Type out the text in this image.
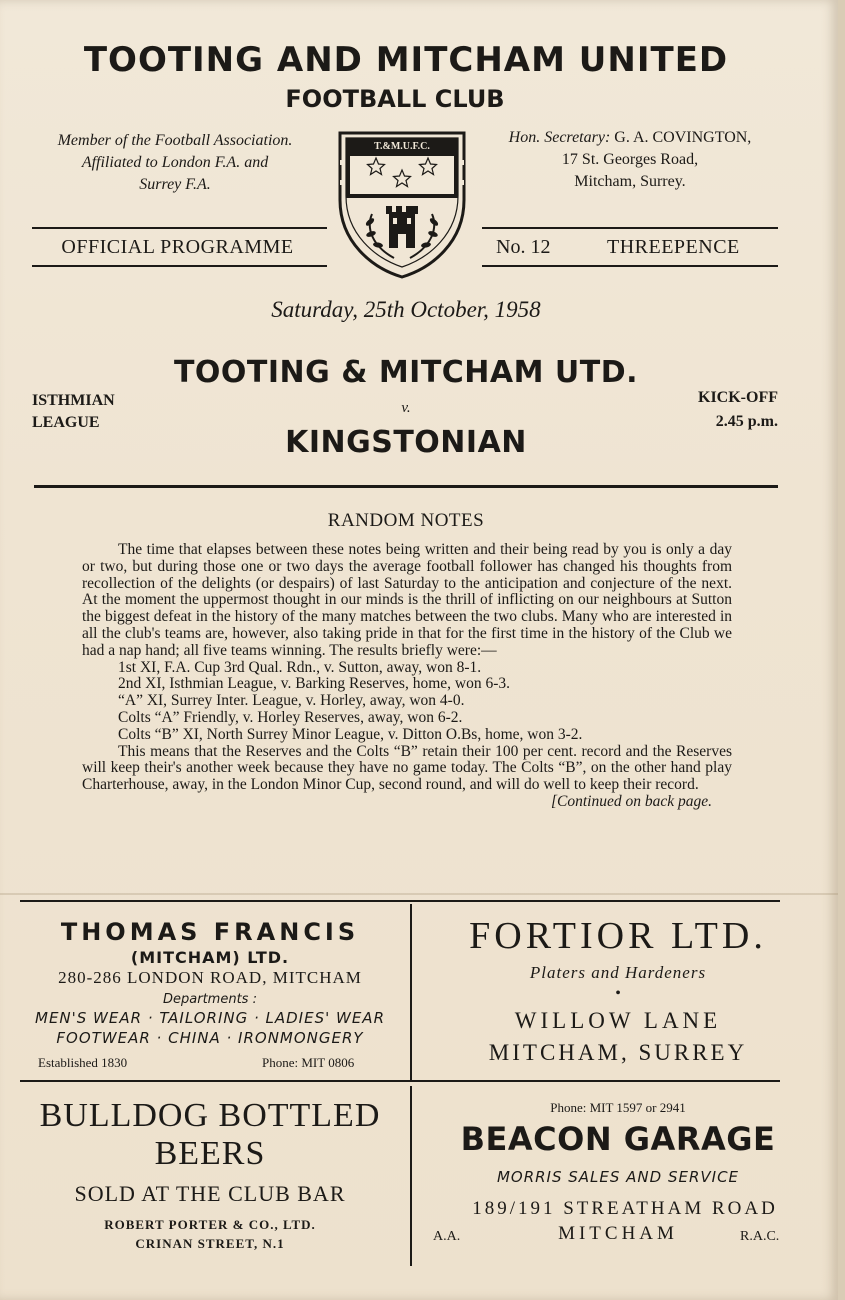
TOOTING AND MITCHAM UNITED
FOOTBALL CLUB
Member of the Football Association.
Affiliated to London F.A. and
Surrey F.A.
T.&M.U.F.C.
Hon. Secretary: G. A. COVINGTON,
17 St. Georges Road,
Mitcham, Surrey.
OFFICIAL PROGRAMME	No. 12	THREEPENCE
Saturday, 25th October, 1958
TOOTING & MITCHAM UTD.
v.
KINGSTONIAN
ISTHMIAN
LEAGUE
KICK-OFF
2.45 p.m.
RANDOM NOTES

The time that elapses between these notes being written and their being read by you is only a day or two, but during those one or two days the average football follower has changed his thoughts from recollection of the delights (or despairs) of last Saturday to the anticipation and conjecture of the next. At the moment the uppermost thought in our minds is the thrill of inflicting on our neighbours at Sutton the biggest defeat in the history of the many matches between the two clubs. Many who are interested in all the club's teams are, however, also taking pride in that for the first time in the history of the Club we had a nap hand; all five teams winning. The results briefly were:—

1st XI, F.A. Cup 3rd Qual. Rdn., v. Sutton, away, won 8-1.
2nd XI, Isthmian League, v. Barking Reserves, home, won 6-3.
“A” XI, Surrey Inter. League, v. Horley, away, won 4-0.
Colts “A” Friendly, v. Horley Reserves, away, won 6-2.
Colts “B” XI, North Surrey Minor League, v. Ditton O.Bs, home, won 3-2.

This means that the Reserves and the Colts “B” retain their 100 per cent. record and the Reserves will keep their's another week because they have no game today. The Colts “B”, on the other hand play Charterhouse, away, in the London Minor Cup, second round, and will do well to keep their record.

[Continued on back page.
THOMAS FRANCIS
(MITCHAM) LTD.
280-286 LONDON ROAD, MITCHAM
Departments :
MEN'S WEAR · TAILORING · LADIES' WEAR
FOOTWEAR · CHINA · IRONMONGERY
Established 1830	Phone: MIT 0806
FORTIOR LTD.
Platers and Hardeners
•
WILLOW LANE
MITCHAM, SURREY
BULLDOG BOTTLED
BEERS
SOLD AT THE CLUB BAR
ROBERT PORTER & CO., LTD.
CRINAN STREET, N.1
Phone: MIT 1597 or 2941
BEACON GARAGE
MORRIS SALES AND SERVICE
189/191 STREATHAM ROAD
A.A.	MITCHAM	R.A.C.
